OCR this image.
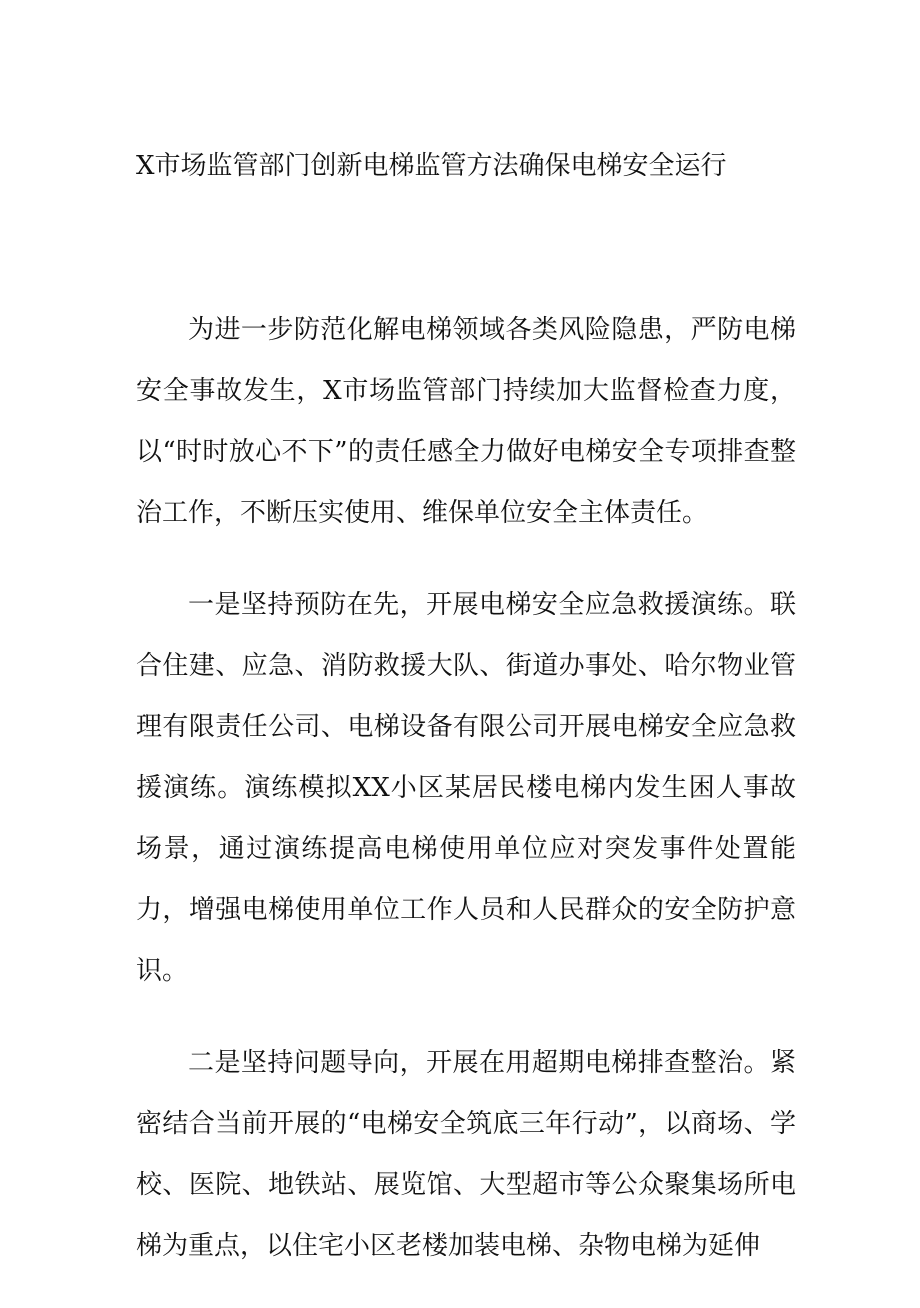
X市场监管部门创新电梯监管方法确保电梯安全运行

为进一步防范化解电梯领域各类风险隐患，严防电梯安全事故发生，X市场监管部门持续加大监督检查力度，以“时时放心不下”的责任感全力做好电梯安全专项排查整治工作，不断压实使用、维保单位安全主体责任。

一是坚持预防在先，开展电梯安全应急救援演练。联合住建、应急、消防救援大队、街道办事处、哈尔物业管理有限责任公司、电梯设备有限公司开展电梯安全应急救援演练。演练模拟XX小区某居民楼电梯内发生困人事故场景，通过演练提高电梯使用单位应对突发事件处置能力，增强电梯使用单位工作人员和人民群众的安全防护意识。

二是坚持问题导向，开展在用超期电梯排查整治。紧密结合当前开展的“电梯安全筑底三年行动”，以商场、学校、医院、地铁站、展览馆、大型超市等公众聚集场所电梯为重点，以住宅小区老楼加装电梯、杂物电梯为延伸
